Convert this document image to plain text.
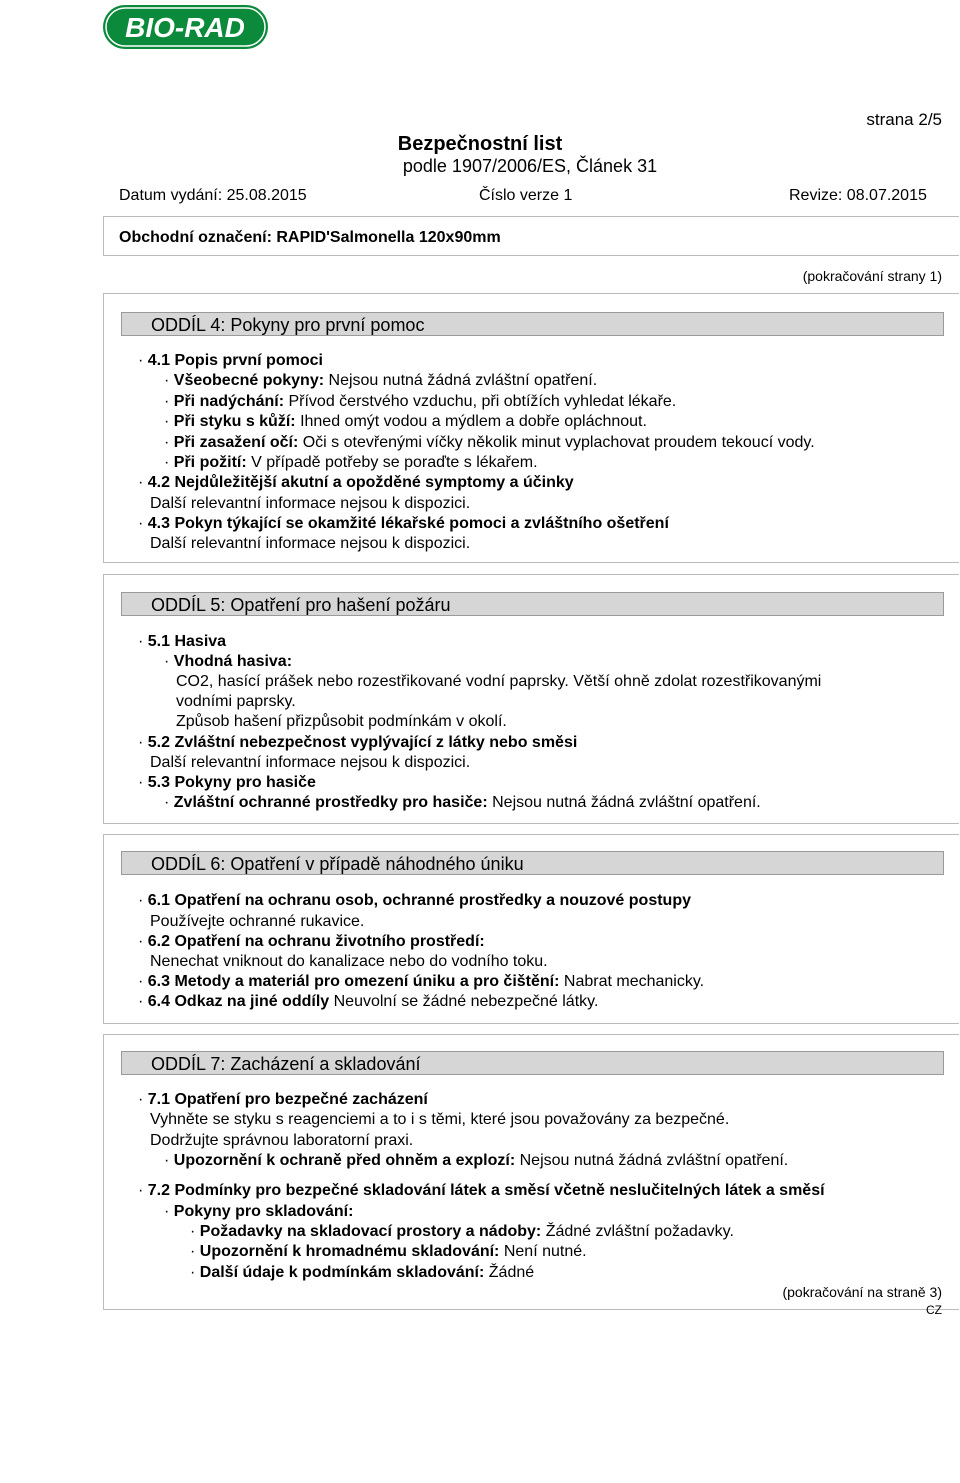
BIO-RAD
strana 2/5
Bezpečnostní list
podle 1907/2006/ES, Článek 31
Datum vydání: 25.08.2015	Číslo verze 1	Revize: 08.07.2015
Obchodní označení: RAPID'Salmonella 120x90mm
(pokračování strany 1)
ODDÍL 4: Pokyny pro první pomoc
· 4.1 Popis první pomoci
· Všeobecné pokyny: Nejsou nutná žádná zvláštní opatření.
· Při nadýchání: Přívod čerstvého vzduchu, při obtížích vyhledat lékaře.
· Při styku s kůží: Ihned omýt vodou a mýdlem a dobře opláchnout.
· Při zasažení očí: Oči s otevřenými víčky několik minut vyplachovat proudem tekoucí vody.
· Při požití: V případě potřeby se poraďte s lékařem.
· 4.2 Nejdůležitější akutní a opožděné symptomy a účinky
Další relevantní informace nejsou k dispozici.
· 4.3 Pokyn týkající se okamžité lékařské pomoci a zvláštního ošetření
Další relevantní informace nejsou k dispozici.
ODDÍL 5: Opatření pro hašení požáru
· 5.1 Hasiva
· Vhodná hasiva:
CO2, hasící prášek nebo rozestřikované vodní paprsky. Větší ohně zdolat rozestřikovanými
vodními paprsky.
Způsob hašení přizpůsobit podmínkám v okolí.
· 5.2 Zvláštní nebezpečnost vyplývající z látky nebo směsi
Další relevantní informace nejsou k dispozici.
· 5.3 Pokyny pro hasiče
· Zvláštní ochranné prostředky pro hasiče: Nejsou nutná žádná zvláštní opatření.
ODDÍL 6: Opatření v případě náhodného úniku
· 6.1 Opatření na ochranu osob, ochranné prostředky a nouzové postupy
Používejte ochranné rukavice.
· 6.2 Opatření na ochranu životního prostředí:
Nenechat vniknout do kanalizace nebo do vodního toku.
· 6.3 Metody a materiál pro omezení úniku a pro čištění: Nabrat mechanicky.
· 6.4 Odkaz na jiné oddíly Neuvolní se žádné nebezpečné látky.
ODDÍL 7: Zacházení a skladování
· 7.1 Opatření pro bezpečné zacházení
Vyhněte se styku s reagenciemi a to i s těmi, které jsou považovány za bezpečné.
Dodržujte správnou laboratorní praxi.
· Upozornění k ochraně před ohněm a explozí: Nejsou nutná žádná zvláštní opatření.
· 7.2 Podmínky pro bezpečné skladování látek a směsí včetně neslučitelných látek a směsí
· Pokyny pro skladování:
· Požadavky na skladovací prostory a nádoby: Žádné zvláštní požadavky.
· Upozornění k hromadnému skladování: Není nutné.
· Další údaje k podmínkám skladování: Žádné
(pokračování na straně 3)
CZ
